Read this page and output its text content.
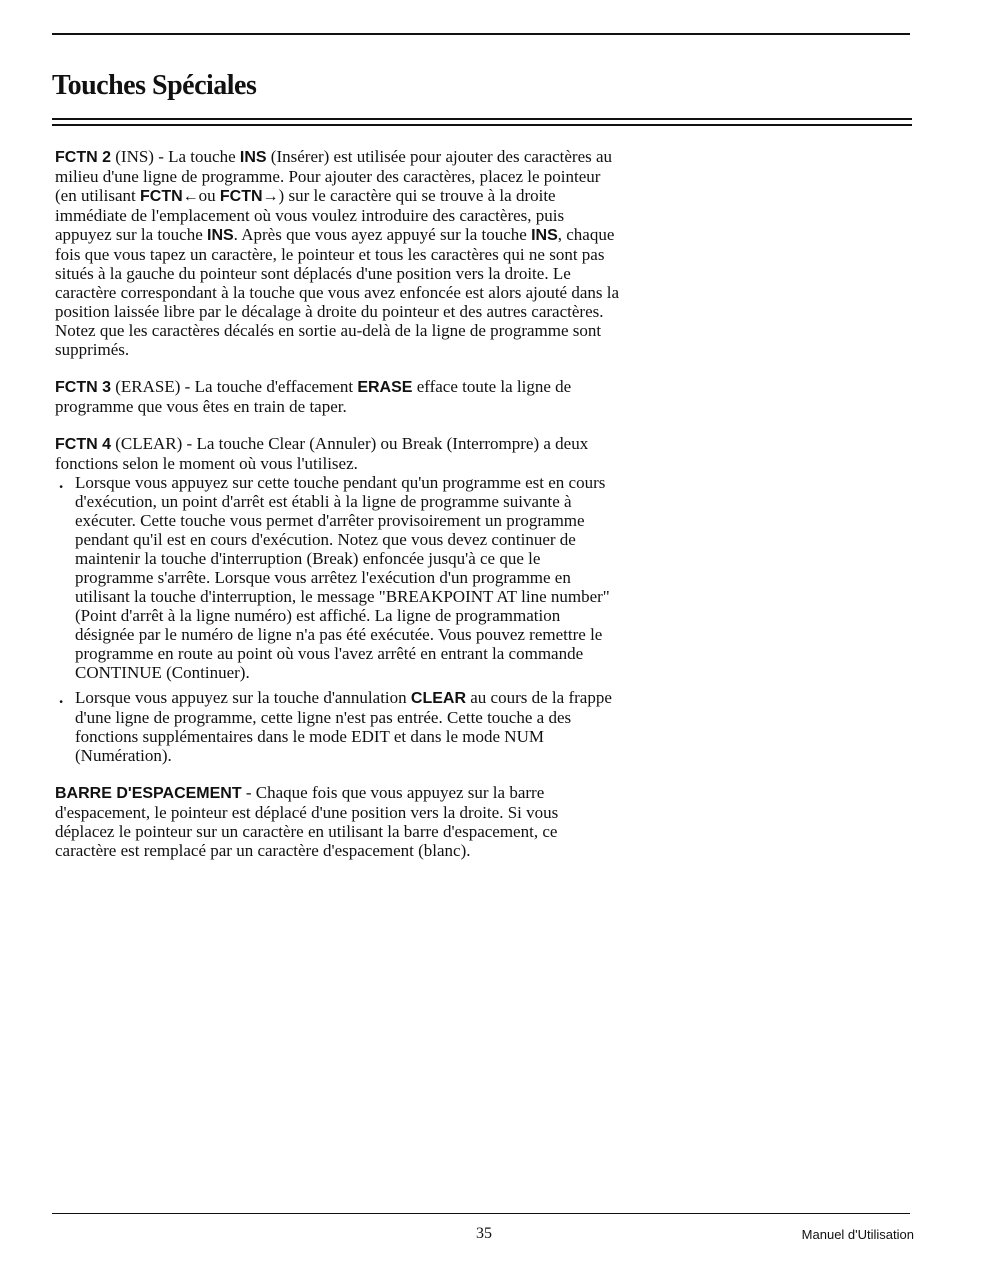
Touches Spéciales

FCTN 2 (INS) - La touche INS (Insérer) est utilisée pour ajouter des caractères au milieu d'une ligne de programme. Pour ajouter des caractères, placez le pointeur (en utilisant FCTN←ou FCTN→) sur le caractère qui se trouve à la droite immédiate de l'emplacement où vous voulez introduire des caractères, puis appuyez sur la touche INS. Après que vous ayez appuyé sur la touche INS, chaque fois que vous tapez un caractère, le pointeur et tous les caractères qui ne sont pas situés à la gauche du pointeur sont déplacés d'une position vers la droite. Le caractère correspondant à la touche que vous avez enfoncée est alors ajouté dans la position laissée libre par le décalage à droite du pointeur et des autres caractères. Notez que les caractères décalés en sortie au-delà de la ligne de programme sont supprimés.

FCTN 3 (ERASE) - La touche d'effacement ERASE efface toute la ligne de programme que vous êtes en train de taper.

FCTN 4 (CLEAR) - La touche Clear (Annuler) ou Break (Interrompre) a deux fonctions selon le moment où vous l'utilisez.

. Lorsque vous appuyez sur cette touche pendant qu'un programme est en cours d'exécution, un point d'arrêt est établi à la ligne de programme suivante à exécuter. Cette touche vous permet d'arrêter provisoirement un programme pendant qu'il est en cours d'exécution. Notez que vous devez continuer de maintenir la touche d'interruption (Break) enfoncée jusqu'à ce que le programme s'arrête. Lorsque vous arrêtez l'exécution d'un programme en utilisant la touche d'interruption, le message "BREAKPOINT AT line number" (Point d'arrêt à la ligne numéro) est affiché. La ligne de programmation désignée par le numéro de ligne n'a pas été exécutée. Vous pouvez remettre le programme en route au point où vous l'avez arrêté en entrant la commande CONTINUE (Continuer).
. Lorsque vous appuyez sur la touche d'annulation CLEAR au cours de la frappe d'une ligne de programme, cette ligne n'est pas entrée. Cette touche a des fonctions supplémentaires dans le mode EDIT et dans le mode NUM (Numération).

BARRE D'ESPACEMENT - Chaque fois que vous appuyez sur la barre d'espacement, le pointeur est déplacé d'une position vers la droite. Si vous déplacez le pointeur sur un caractère en utilisant la barre d'espacement, ce caractère est remplacé par un caractère d'espacement (blanc).

35	Manuel d'Utilisation
